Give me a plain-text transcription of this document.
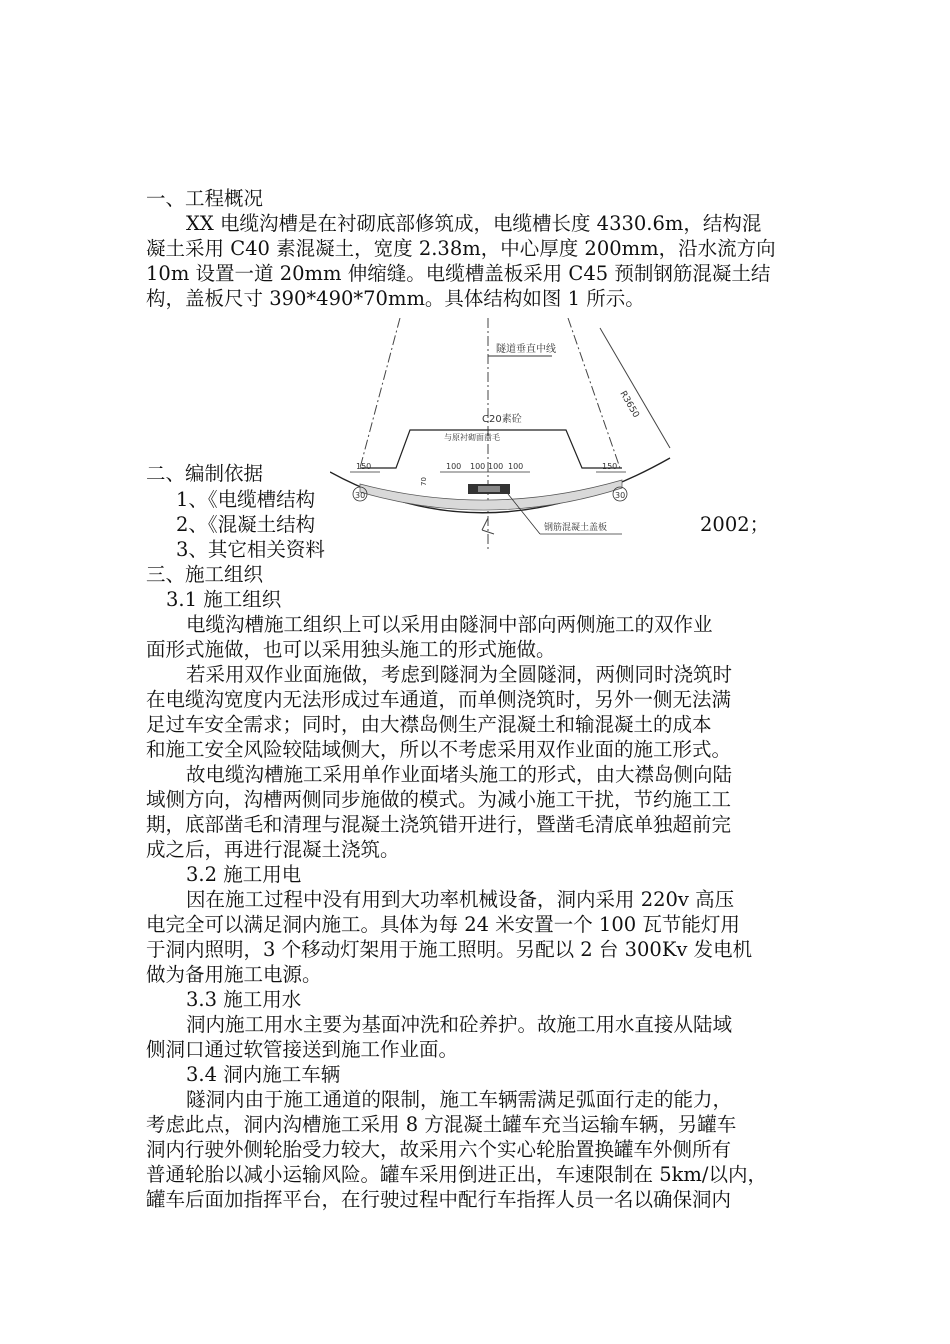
一、工程概况
XX 电缆沟槽是在衬砌底部修筑成，电缆槽长度 4330.6m，结构混
凝土采用 C40 素混凝土，宽度 2.38m，中心厚度 200mm，沿水流方向
10m 设置一道 20mm 伸缩缝。电缆槽盖板采用 C45 预制钢筋混凝土结
构，盖板尺寸 390*490*70mm。具体结构如图 1 所示。
二、编制依据
1、《电缆槽结构
2、《混凝土结构	2002；
3、其它相关资料
隧道垂直中线
R3650
C20素砼
与原衬砌面凿毛
150	150
100 100 100 100
70
30	30
钢筋混凝土盖板
三、施工组织
3.1 施工组织
电缆沟槽施工组织上可以采用由隧洞中部向两侧施工的双作业
面形式施做，也可以采用独头施工的形式施做。
若采用双作业面施做，考虑到隧洞为全圆隧洞，两侧同时浇筑时
在电缆沟宽度内无法形成过车通道，而单侧浇筑时，另外一侧无法满
足过车安全需求；同时，由大襟岛侧生产混凝土和输混凝土的成本
和施工安全风险较陆域侧大，所以不考虑采用双作业面的施工形式。
故电缆沟槽施工采用单作业面堵头施工的形式，由大襟岛侧向陆
域侧方向，沟槽两侧同步施做的模式。为减小施工干扰，节约施工工
期，底部凿毛和清理与混凝土浇筑错开进行，暨凿毛清底单独超前完
成之后，再进行混凝土浇筑。
3.2 施工用电
因在施工过程中没有用到大功率机械设备，洞内采用 220v 高压
电完全可以满足洞内施工。具体为每 24 米安置一个 100 瓦节能灯用
于洞内照明，3 个移动灯架用于施工照明。另配以 2 台 300Kv 发电机
做为备用施工电源。
3.3 施工用水
洞内施工用水主要为基面冲洗和砼养护。故施工用水直接从陆域
侧洞口通过软管接送到施工作业面。
3.4 洞内施工车辆
隧洞内由于施工通道的限制，施工车辆需满足弧面行走的能力，
考虑此点，洞内沟槽施工采用 8 方混凝土罐车充当运输车辆，另罐车
洞内行驶外侧轮胎受力较大，故采用六个实心轮胎置换罐车外侧所有
普通轮胎以减小运输风险。罐车采用倒进正出，车速限制在 5km/以内，
罐车后面加指挥平台，在行驶过程中配行车指挥人员一名以确保洞内
